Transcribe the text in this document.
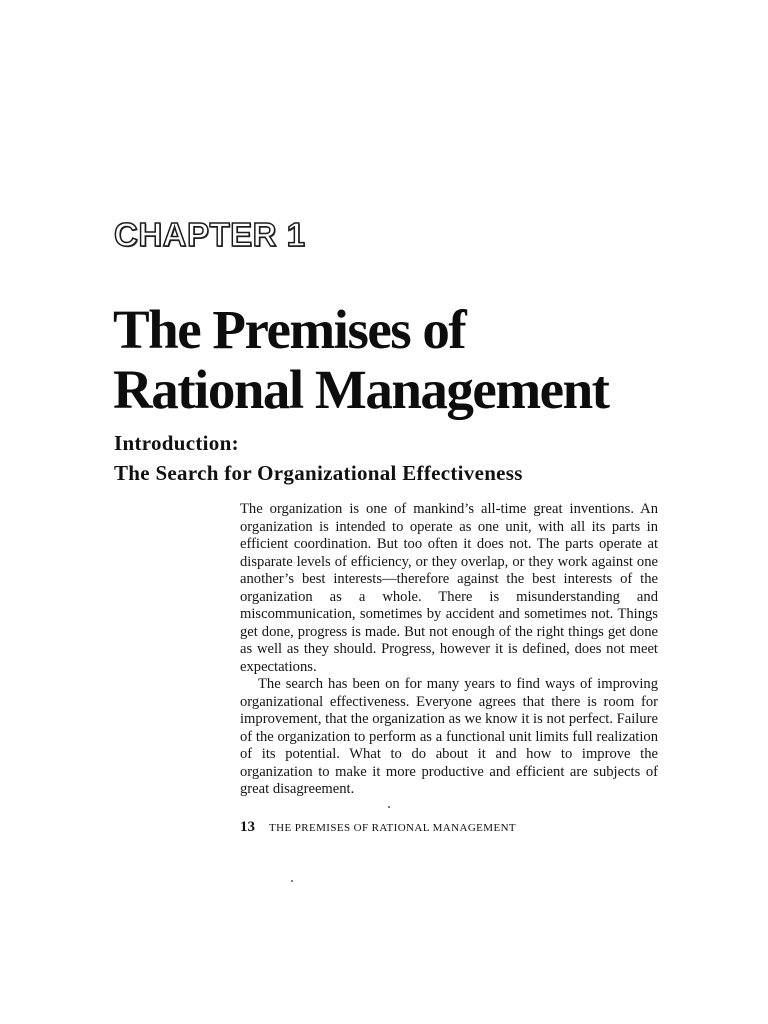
CHAPTER 1
The Premises of
Rational Management
Introduction:
The Search for Organizational Effectiveness

The organization is one of mankind’s all-time great inventions. An organization is intended to operate as one unit, with all its parts in efficient coordination. But too often it does not. The parts operate at disparate levels of efficiency, or they overlap, or they work against one another’s best interests—therefore against the best interests of the organization as a whole. There is misunderstanding and miscommunication, sometimes by accident and sometimes not. Things get done, progress is made. But not enough of the right things get done as well as they should. Progress, however it is defined, does not meet expectations.

The search has been on for many years to find ways of improving organizational effectiveness. Everyone agrees that there is room for improvement, that the organization as we know it is not perfect. Failure of the organization to perform as a functional unit limits full realization of its potential. What to do about it and how to improve the organization to make it more productive and efficient are subjects of great disagreement.

13 THE PREMISES OF RATIONAL MANAGEMENT
